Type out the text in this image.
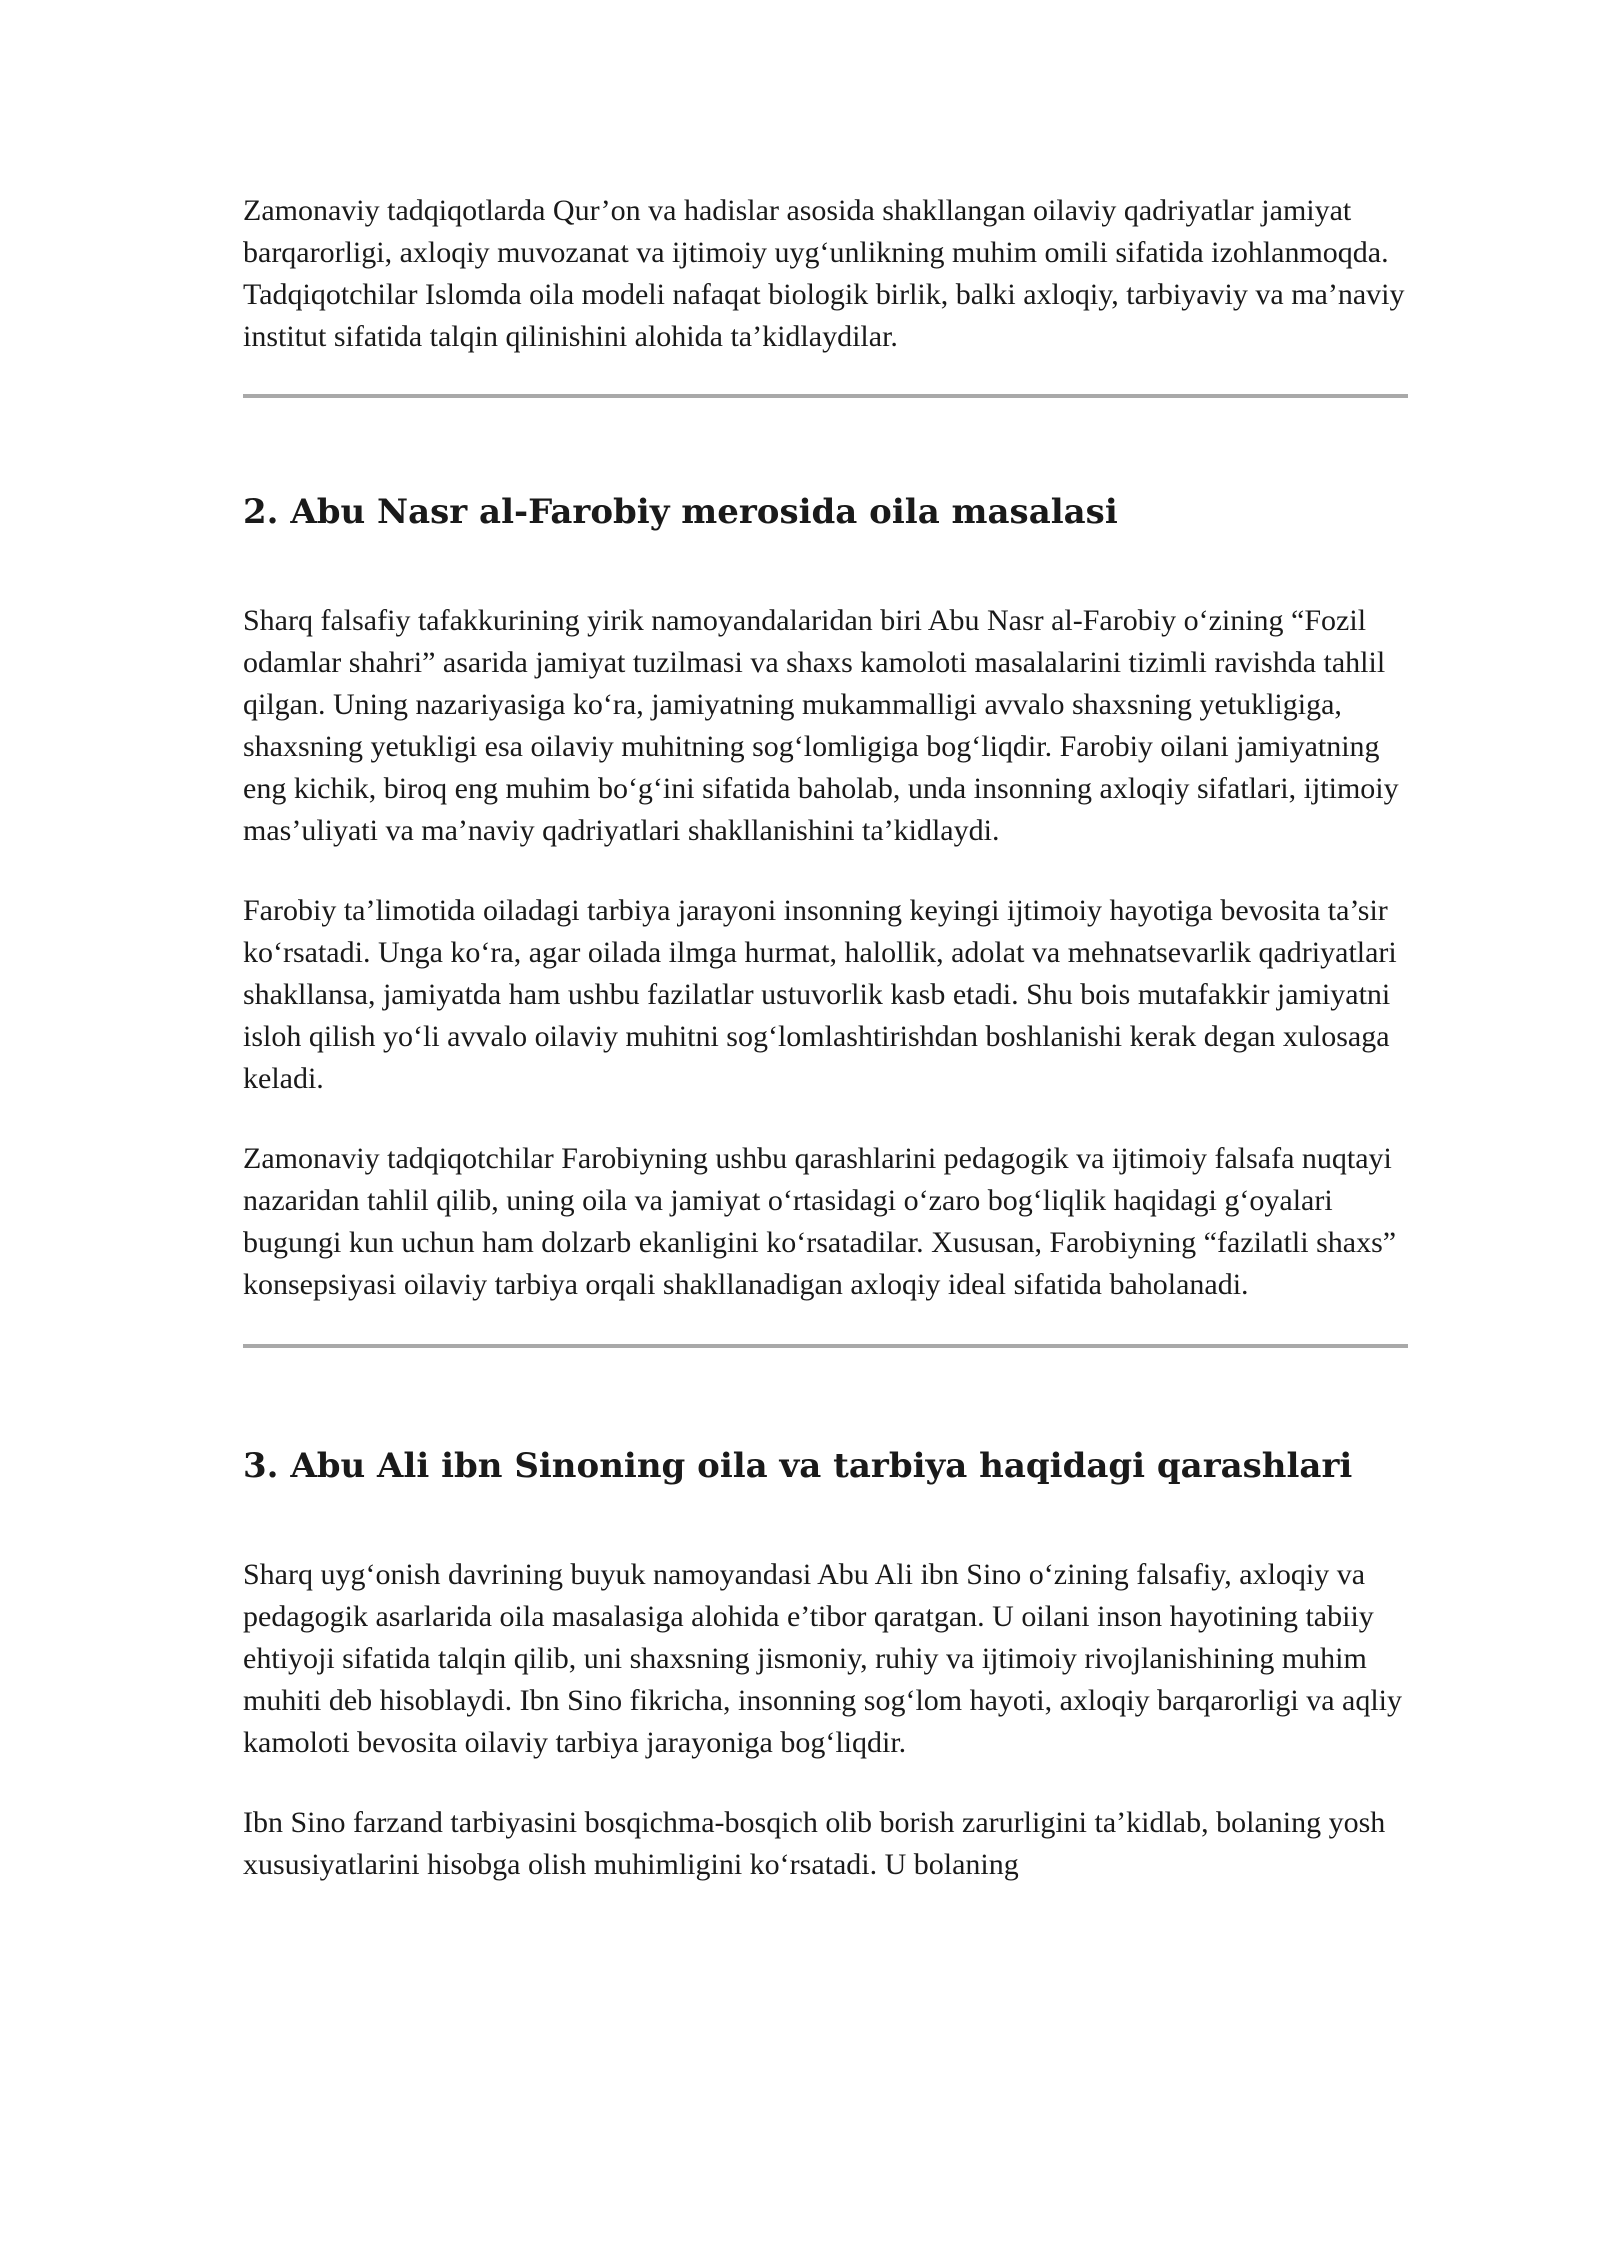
Zamonaviy tadqiqotlarda Qur’on va hadislar asosida shakllangan oilaviy qadriyatlar jamiyat barqarorligi, axloqiy muvozanat va ijtimoiy uyg‘unlikning muhim omili sifatida izohlanmoqda. Tadqiqotchilar Islomda oila modeli nafaqat biologik birlik, balki axloqiy, tarbiyaviy va ma’naviy institut sifatida talqin qilinishini alohida ta’kidlaydilar.

2. Abu Nasr al-Farobiy merosida oila masalasi

Sharq falsafiy tafakkurining yirik namoyandalaridan biri Abu Nasr al-Farobiy o‘zining “Fozil odamlar shahri” asarida jamiyat tuzilmasi va shaxs kamoloti masalalarini tizimli ravishda tahlil qilgan. Uning nazariyasiga ko‘ra, jamiyatning mukammalligi avvalo shaxsning yetukligiga, shaxsning yetukligi esa oilaviy muhitning sog‘lomligiga bog‘liqdir. Farobiy oilani jamiyatning eng kichik, biroq eng muhim bo‘g‘ini sifatida baholab, unda insonning axloqiy sifatlari, ijtimoiy mas’uliyati va ma’naviy qadriyatlari shakllanishini ta’kidlaydi.

Farobiy ta’limotida oiladagi tarbiya jarayoni insonning keyingi ijtimoiy hayotiga bevosita ta’sir ko‘rsatadi. Unga ko‘ra, agar oilada ilmga hurmat, halollik, adolat va mehnatsevarlik qadriyatlari shakllansa, jamiyatda ham ushbu fazilatlar ustuvorlik kasb etadi. Shu bois mutafakkir jamiyatni isloh qilish yo‘li avvalo oilaviy muhitni sog‘lomlashtirishdan boshlanishi kerak degan xulosaga keladi.

Zamonaviy tadqiqotchilar Farobiyning ushbu qarashlarini pedagogik va ijtimoiy falsafa nuqtayi nazaridan tahlil qilib, uning oila va jamiyat o‘rtasidagi o‘zaro bog‘liqlik haqidagi g‘oyalari bugungi kun uchun ham dolzarb ekanligini ko‘rsatadilar. Xususan, Farobiyning “fazilatli shaxs” konsepsiyasi oilaviy tarbiya orqali shakllanadigan axloqiy ideal sifatida baholanadi.

3. Abu Ali ibn Sinoning oila va tarbiya haqidagi qarashlari

Sharq uyg‘onish davrining buyuk namoyandasi Abu Ali ibn Sino o‘zining falsafiy, axloqiy va pedagogik asarlarida oila masalasiga alohida e’tibor qaratgan. U oilani inson hayotining tabiiy ehtiyoji sifatida talqin qilib, uni shaxsning jismoniy, ruhiy va ijtimoiy rivojlanishining muhim muhiti deb hisoblaydi. Ibn Sino fikricha, insonning sog‘lom hayoti, axloqiy barqarorligi va aqliy kamoloti bevosita oilaviy tarbiya jarayoniga bog‘liqdir.

Ibn Sino farzand tarbiyasini bosqichma-bosqich olib borish zarurligini ta’kidlab, bolaning yosh xususiyatlarini hisobga olish muhimligini ko‘rsatadi. U bolaning
